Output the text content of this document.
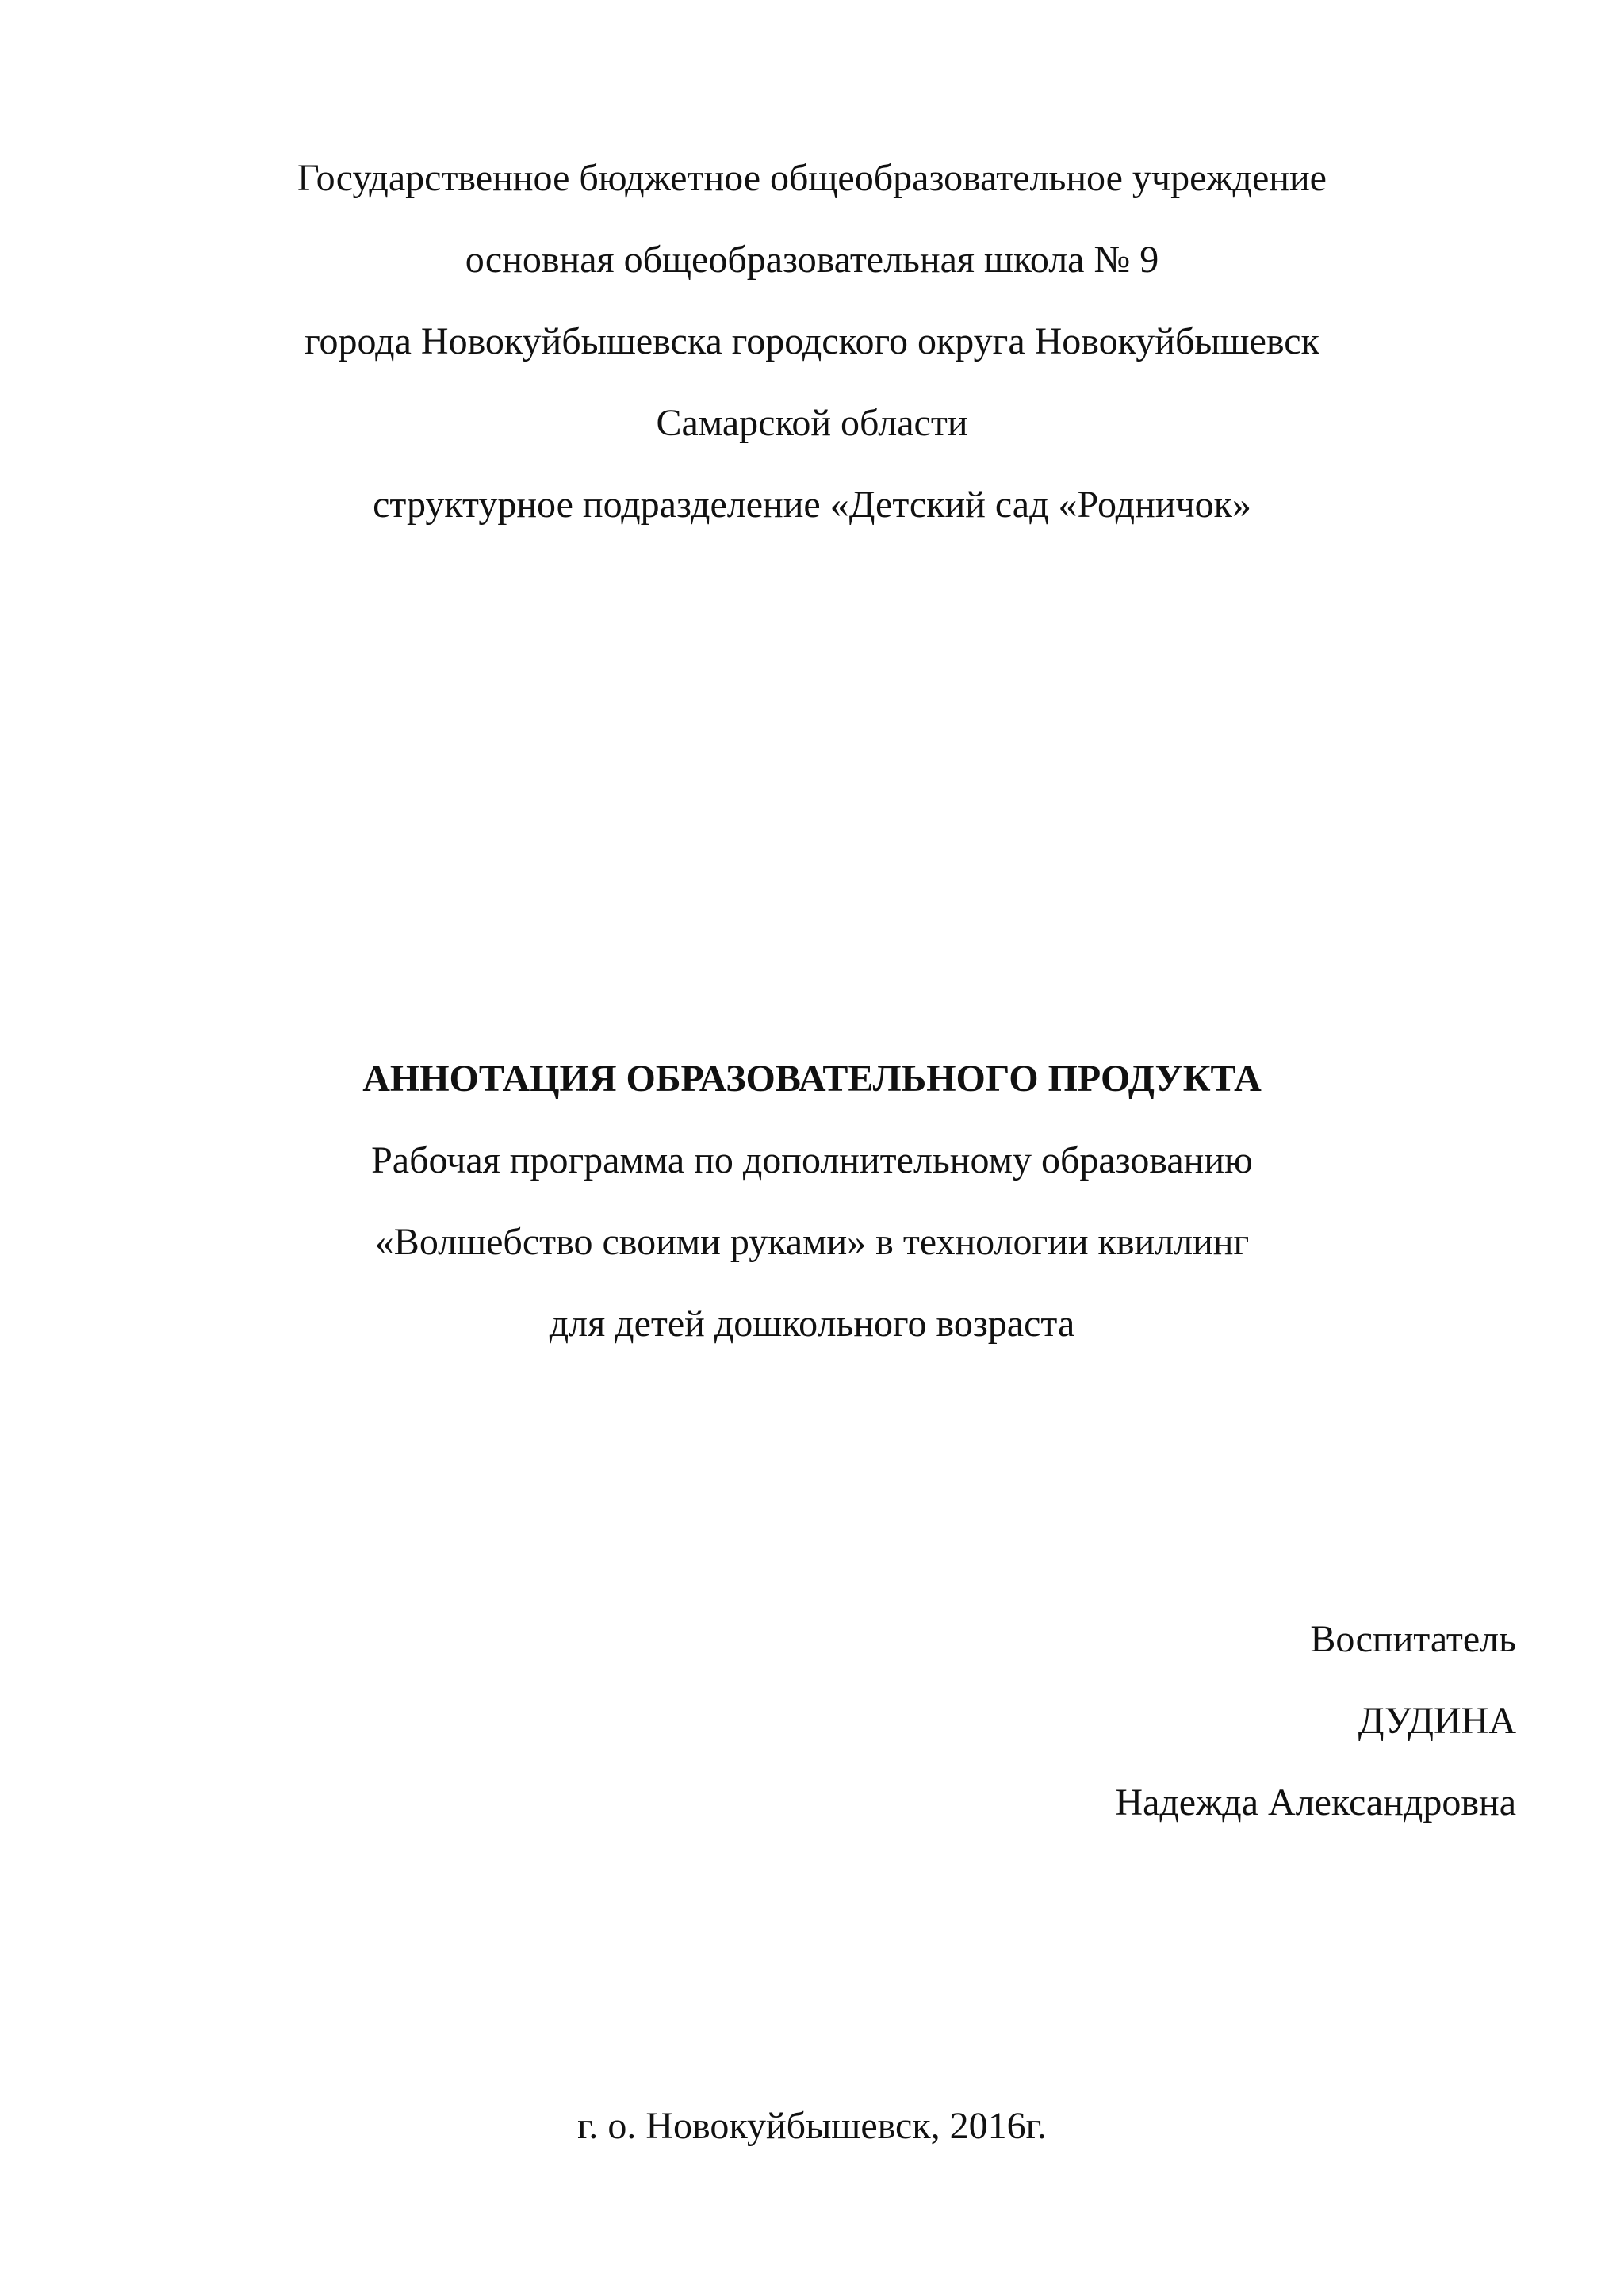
Государственное бюджетное общеобразовательное учреждение
основная общеобразовательная школа № 9
города Новокуйбышевска городского округа Новокуйбышевск
Самарской области
структурное подразделение «Детский сад «Родничок»
АННОТАЦИЯ ОБРАЗОВАТЕЛЬНОГО ПРОДУКТА
Рабочая программа по дополнительному образованию
«Волшебство своими руками» в технологии квиллинг
для детей дошкольного возраста
Воспитатель
ДУДИНА
Надежда Александровна
г. о. Новокуйбышевск, 2016г.
